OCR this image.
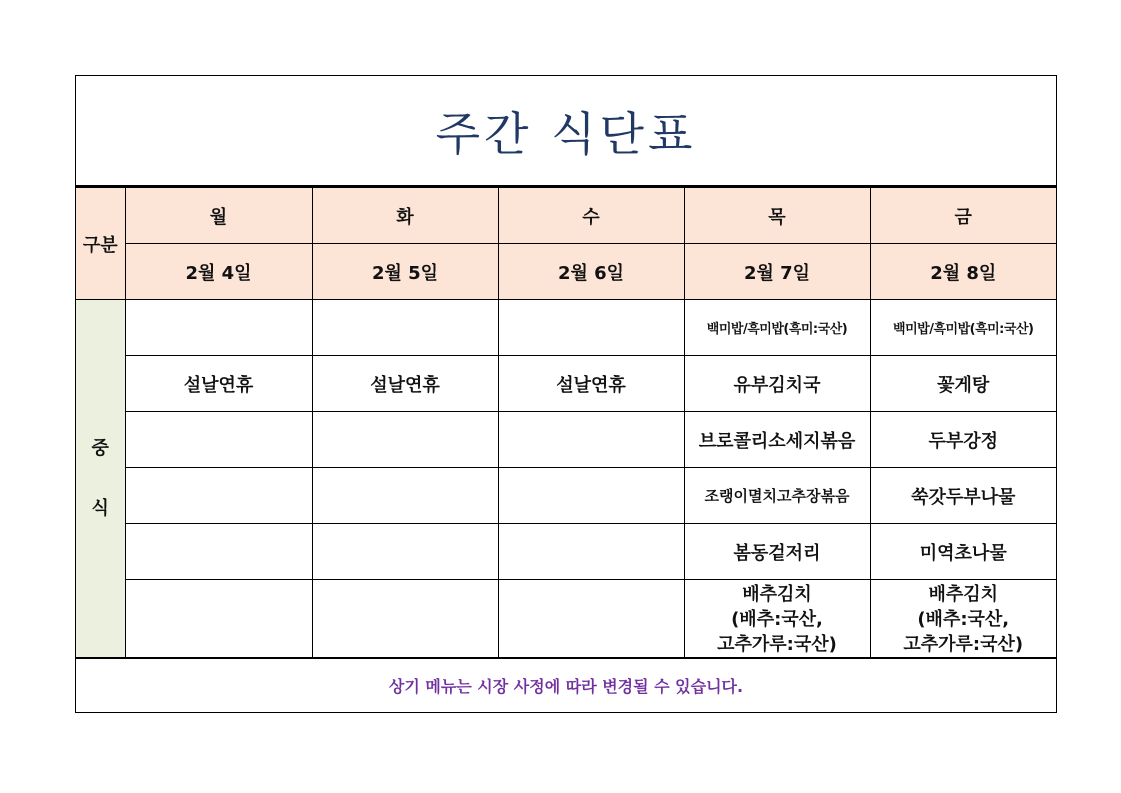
주간 식단표
구분	월	화	수	목	금
	2월 4일	2월 5일	2월 6일	2월 7일	2월 8일

중
식				백미밥/흑미밥(흑미:국산)	백미밥/흑미밥(흑미:국산)
	설날연휴	설날연휴	설날연휴	유부김치국	꽃게탕
				브로콜리소세지볶음	두부강정
				조랭이멸치고추장볶음	쑥갓두부나물
				봄동겉저리	미역초나물

				배추김치
(배추:국산,
고추가루:국산)	배추김치
(배추:국산,
고추가루:국산)
상기 메뉴는 시장 사정에 따라 변경될 수 있습니다.
